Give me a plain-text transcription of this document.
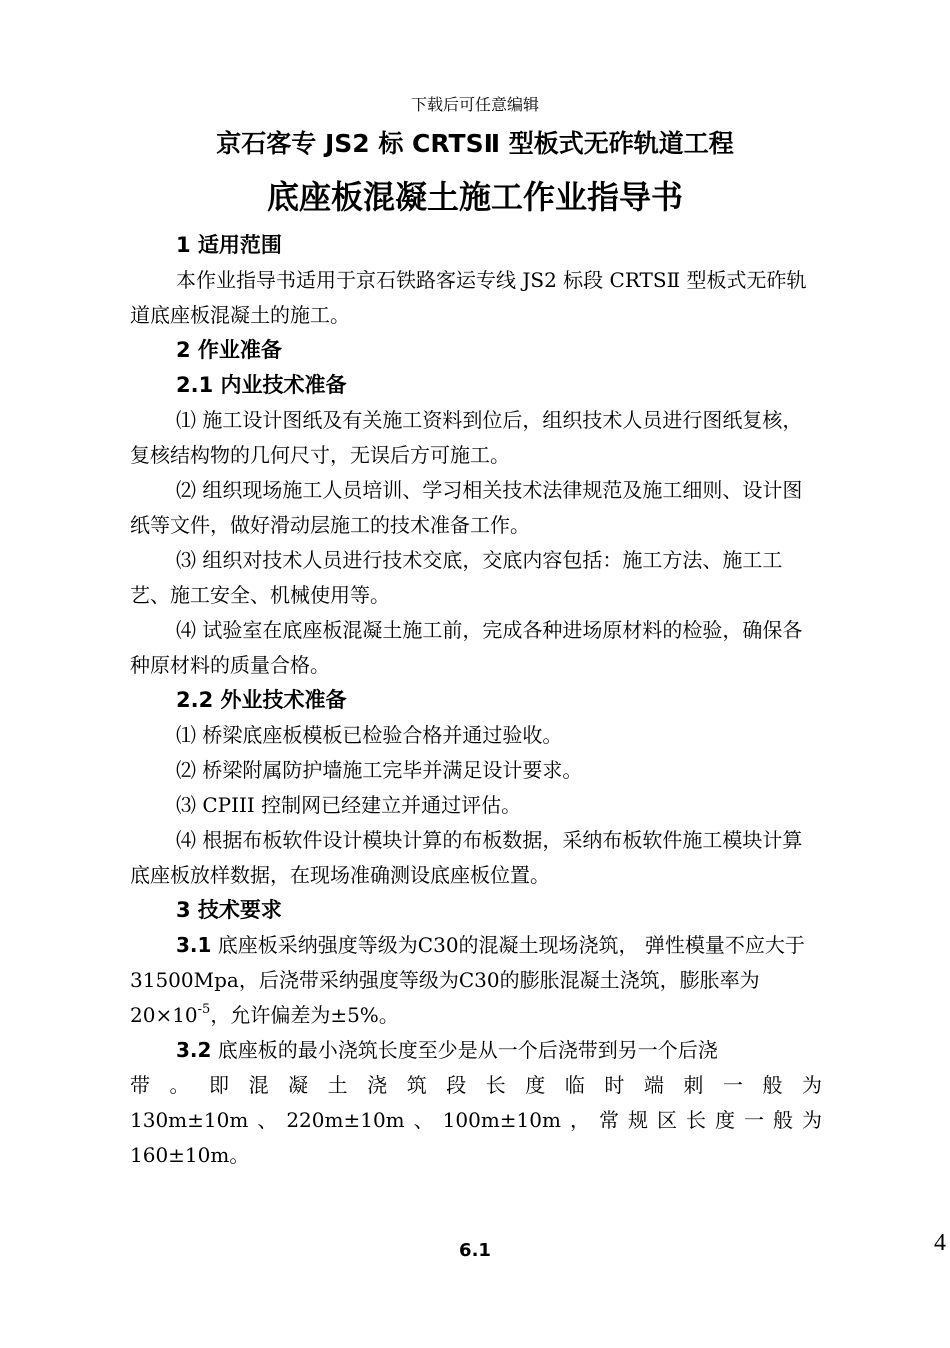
下载后可任意编辑
京石客专 JS2 标 CRTSⅡ 型板式无砟轨道工程
底座板混凝土施工作业指导书
1 适用范围

本作业指导书适用于京石铁路客运专线 JS2 标段 CRTSⅡ 型板式无砟轨道底座板混凝土的施工。

2 作业准备
2.1 内业技术准备

⑴ 施工设计图纸及有关施工资料到位后，组织技术人员进行图纸复核，复核结构物的几何尺寸，无误后方可施工。

⑵ 组织现场施工人员培训、学习相关技术法律规范及施工细则、设计图纸等文件，做好滑动层施工的技术准备工作。

⑶ 组织对技术人员进行技术交底，交底内容包括：施工方法、施工工艺、施工安全、机械使用等。

⑷ 试验室在底座板混凝土施工前，完成各种进场原材料的检验，确保各种原材料的质量合格。

2.2 外业技术准备

⑴ 桥梁底座板模板已检验合格并通过验收。

⑵ 桥梁附属防护墙施工完毕并满足设计要求。

⑶ CPIII 控制网已经建立并通过评估。

⑷ 根据布板软件设计模块计算的布板数据，采纳布板软件施工模块计算底座板放样数据，在现场准确测设底座板位置。

3 技术要求

3.1 底座板采纳强度等级为C30的混凝土现场浇筑， 弹性模量不应大于31500Mpa，后浇带采纳强度等级为C30的膨胀混凝土浇筑，膨胀率为$20\times 10^{-5}$，允许偏差为±5%。

3.2 底座板的最小浇筑长度至少是从一个后浇带到另一个后浇

带。即混凝土浇筑段长度临时端刺一般为

130m±10m、220m±10m、100m±10m，常规区长度一般为

160±10m。

6.1	4
